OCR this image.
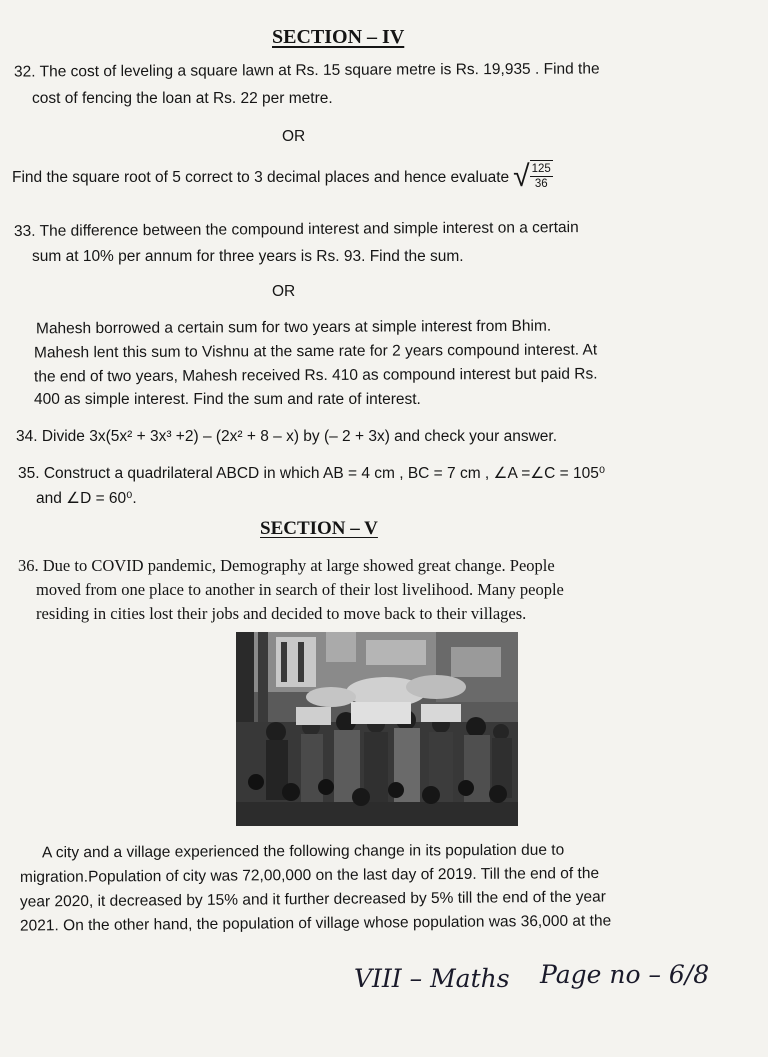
SECTION – IV
32. The cost of leveling a square lawn at Rs. 15 square metre is Rs. 19,935 . Find the
cost of fencing the loan at Rs. 22 per metre.
OR
Find the square root of 5 correct to 3 decimal places and hence evaluate √ $\frac{125}{36}$
33. The difference between the compound interest and simple interest on a certain
sum at 10% per annum for three years is Rs. 93. Find the sum.
OR
Mahesh borrowed a certain sum for two years at simple interest from Bhim.
Mahesh lent this sum to Vishnu at the same rate for 2 years compound interest. At
the end of two years, Mahesh received Rs. 410 as compound interest but paid Rs.
400 as simple interest. Find the sum and rate of interest.
34. Divide 3x(5x² + 3x³ +2) – (2x² + 8 – x) by (– 2 + 3x) and check your answer.
35. Construct a quadrilateral ABCD in which AB = 4 cm , BC = 7 cm , ∠A =∠C = 105⁰
and ∠D = 60⁰.
SECTION – V
36. Due to COVID pandemic, Demography at large showed great change. People
moved from one place to another in search of their lost livelihood. Many people
residing in cities lost their jobs and decided to move back to their villages.
A city and a village experienced the following change in its population due to
migration.Population of city was 72,00,000 on the last day of 2019. Till the end of the
year 2020, it decreased by 15% and it further decreased by 5% till the end of the year
2021. On the other hand, the population of village whose population was 36,000 at the
VIII – Maths Page no – 6/8
